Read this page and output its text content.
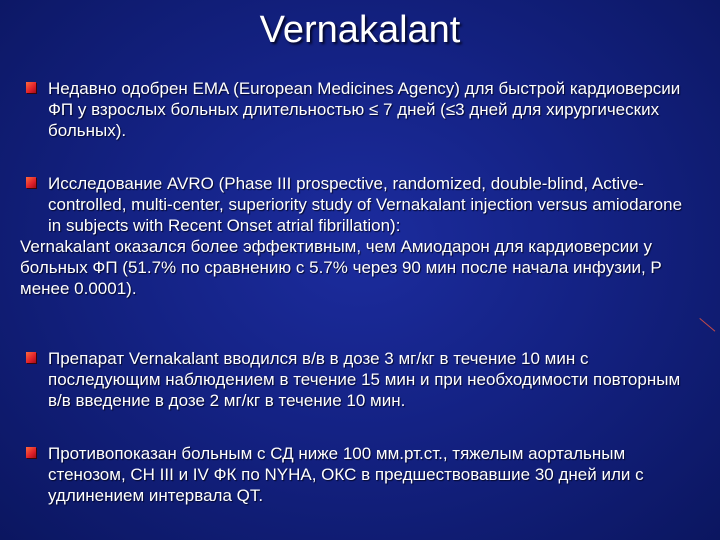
Vernakalant
Недавно одобрен EMA (European Medicines Agency) для быстрой кардиоверсии ФП у взрослых больных длительностью ≤ 7 дней (≤3 дней для хирургических больных).
Исследование AVRO (Phase III prospective, randomized, double-blind, Active-controlled, multi-center, superiority study of Vernakalant injection versus amiodarone in subjects with Recent Onset atrial fibrillation):
Vernakalant оказался более эффективным, чем Амиодарон для кардиоверсии у больных ФП (51.7% по сравнению с 5.7% через 90 мин после начала инфузии, P менее 0.0001).
Препарат Vernakalant вводился в/в в дозе 3 мг/кг в течение 10 мин с последующим наблюдением в течение 15 мин и при необходимости повторным в/в введение в дозе 2 мг/кг в течение 10 мин.
Противопоказан больным с СД ниже 100 мм.рт.ст., тяжелым аортальным стенозом, СН III и IV ФК по NYHA, ОКС в предшествовавшие 30 дней или с удлинением интервала QT.
